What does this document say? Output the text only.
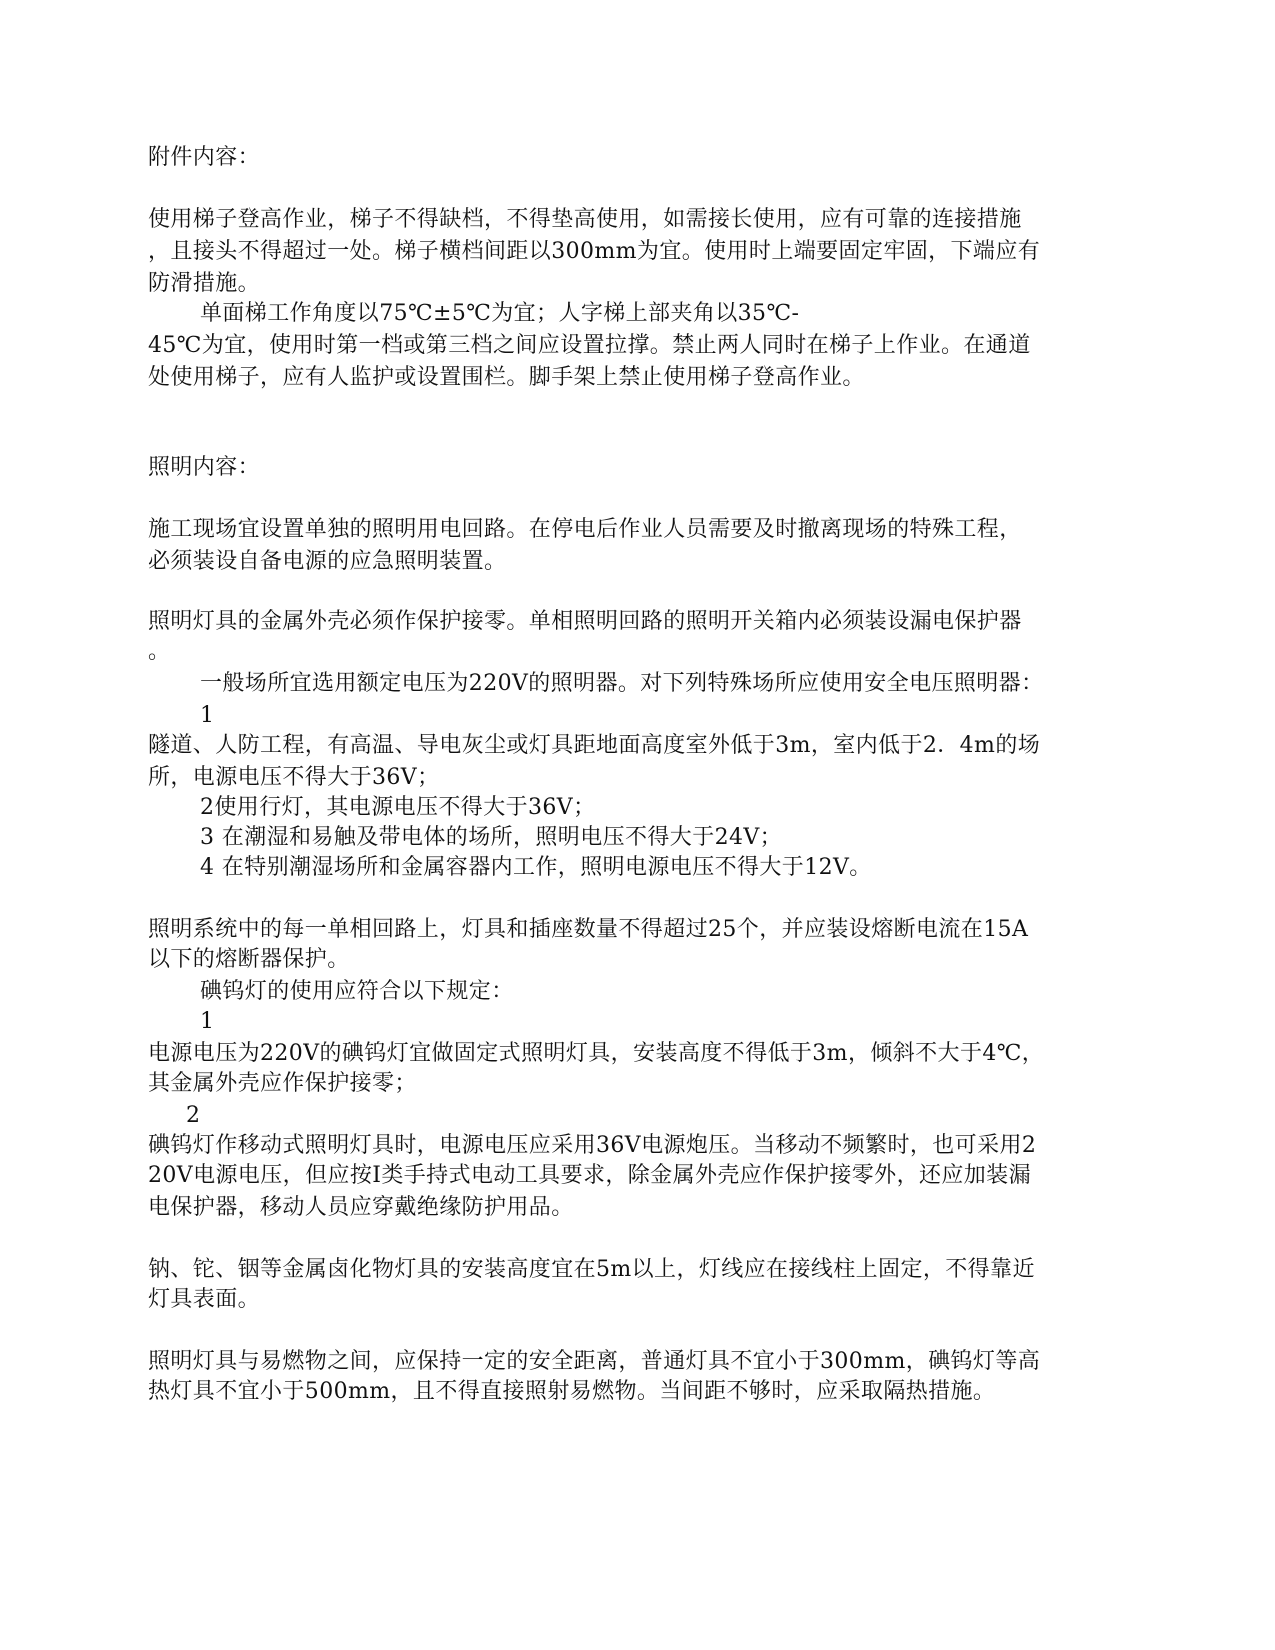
附件内容：
使用梯子登高作业，梯子不得缺档，不得垫高使用，如需接长使用，应有可靠的连接措施
，且接头不得超过一处。梯子横档间距以300mm为宜。使用时上端要固定牢固，下端应有
防滑措施。
单面梯工作角度以75℃±5℃为宜；人字梯上部夹角以35℃-
45℃为宜，使用时第一档或第三档之间应设置拉撑。禁止两人同时在梯子上作业。在通道
处使用梯子，应有人监护或设置围栏。脚手架上禁止使用梯子登高作业。
照明内容：
施工现场宜设置单独的照明用电回路。在停电后作业人员需要及时撤离现场的特殊工程，
必须装设自备电源的应急照明装置。
照明灯具的金属外壳必须作保护接零。单相照明回路的照明开关箱内必须装设漏电保护器
。
一般场所宜选用额定电压为220V的照明器。对下列特殊场所应使用安全电压照明器：
1
隧道、人防工程，有高温、导电灰尘或灯具距地面高度室外低于3m，室内低于2．4m的场
所，电源电压不得大于36V；
2使用行灯，其电源电压不得大于36V；
3 在潮湿和易触及带电体的场所，照明电压不得大于24V；
4 在特别潮湿场所和金属容器内工作，照明电源电压不得大于12V。
照明系统中的每一单相回路上，灯具和插座数量不得超过25个，并应装设熔断电流在15A
以下的熔断器保护。
碘钨灯的使用应符合以下规定：
1
电源电压为220V的碘钨灯宜做固定式照明灯具，安装高度不得低于3m，倾斜不大于4℃，
其金属外壳应作保护接零；
2
碘钨灯作移动式照明灯具时，电源电压应采用36V电源炮压。当移动不频繁时，也可采用2
20V电源电压，但应按I类手持式电动工具要求，除金属外壳应作保护接零外，还应加装漏
电保护器，移动人员应穿戴绝缘防护用品。
钠、铊、铟等金属卤化物灯具的安装高度宜在5m以上，灯线应在接线柱上固定，不得靠近
灯具表面。
照明灯具与易燃物之间，应保持一定的安全距离，普通灯具不宜小于300mm，碘钨灯等高
热灯具不宜小于500mm，且不得直接照射易燃物。当间距不够时，应采取隔热措施。
